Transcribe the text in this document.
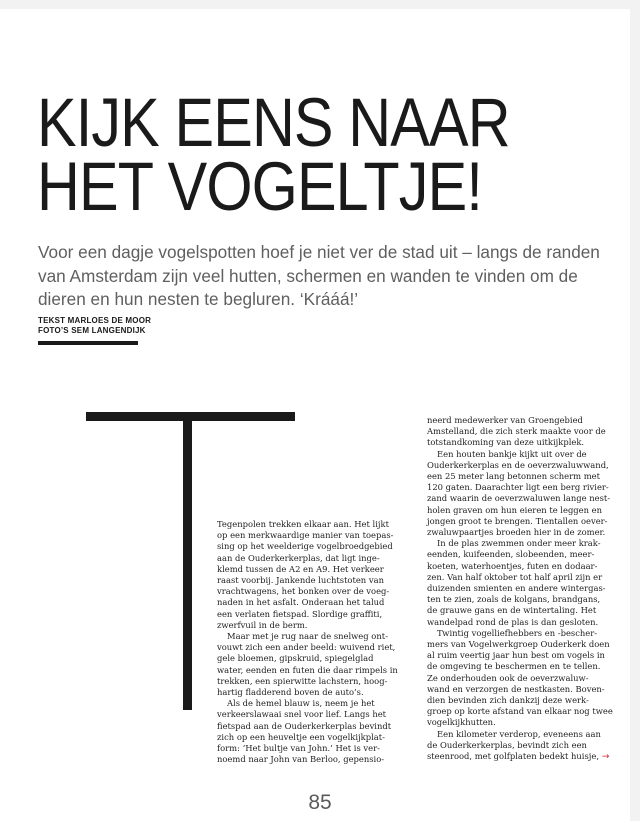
KIJK EENS NAAR
HET VOGELTJE!

Voor een dagje vogelspotten hoef je niet ver de stad uit – langs de randen van Amsterdam zijn veel hutten, schermen en wanden te vinden om de dieren en hun nesten te begluren. ‘Krááá!’

TEKST MARLOES DE MOOR
FOTO’S SEM LANGENDIJK

Tegenpolen trekken elkaar aan. Het lijkt
op een merkwaardige manier van toepas-
sing op het weelderige vogelbroedgebied
aan de Ouderkerkerplas, dat ligt inge-
klemd tussen de A2 en A9. Het verkeer
raast voorbij. Jankende luchtstoten van
vrachtwagens, het bonken over de voeg-
naden in het asfalt. Onderaan het talud
een verlaten fietspad. Slordige graffiti,
zwerfvuil in de berm.

Maar met je rug naar de snelweg ont-
vouwt zich een ander beeld: wuivend riet,
gele bloemen, gipskruid, spiegelglad
water, eenden en futen die daar rimpels in
trekken, een spierwitte lachstern, hoog-
hartig fladderend boven de auto’s.

Als de hemel blauw is, neem je het
verkeerslawaai snel voor lief. Langs het
fietspad aan de Ouderkerkerplas bevindt
zich op een heuveltje een vogelkijkplat-
form: ‘Het bultje van John.’ Het is ver-
noemd naar John van Berloo, gepensio-

neerd medewerker van Groengebied
Amstelland, die zich sterk maakte voor de
totstandkoming van deze uitkijkplek.

Een houten bankje kijkt uit over de
Ouderkerkerplas en de oeverzwaluwwand,
een 25 meter lang betonnen scherm met
120 gaten. Daarachter ligt een berg rivier-
zand waarin de oeverzwaluwen lange nest-
holen graven om hun eieren te leggen en
jongen groot te brengen. Tientallen oever-
zwaluwpaartjes broeden hier in de zomer.

In de plas zwemmen onder meer krak-
eenden, kuifeenden, slobeenden, meer-
koeten, waterhoentjes, futen en dodaar-
zen. Van half oktober tot half april zijn er
duizenden smienten en andere wintergas-
ten te zien, zoals de kolgans, brandgans,
de grauwe gans en de wintertaling. Het
wandelpad rond de plas is dan gesloten.

Twintig vogelliefhebbers en -bescher-
mers van Vogelwerkgroep Ouderkerk doen
al ruim veertig jaar hun best om vogels in
de omgeving te beschermen en te tellen.
Ze onderhouden ook de oeverzwaluw-
wand en verzorgen de nestkasten. Boven-
dien bevinden zich dankzij deze werk-
groep op korte afstand van elkaar nog twee
vogelkijkhutten.

Een kilometer verderop, eveneens aan
de Ouderkerkerplas, bevindt zich een
steenrood, met golfplaten bedekt huisje, →

85
